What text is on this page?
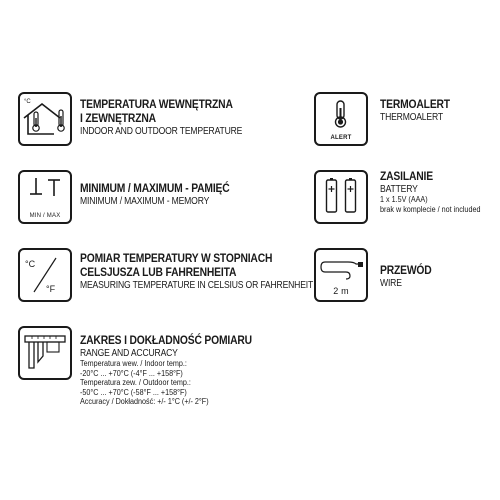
°C	TEMPERATURA WEWNĘTRZNA
I ZEWNĘTRZNA
INDOOR AND OUTDOOR TEMPERATURE
ALERT
TERMOALERT
THERMOALERT
MIN / MAX
MINIMUM / MAXIMUM - PAMIĘĆ
MINIMUM / MAXIMUM - MEMORY
ZASILANIE
BATTERY
1 x 1.5V (AAA)
brak w komplecie / not included
°C
°F
POMIAR TEMPERATURY W STOPNIACH
CELSJUSZA LUB FAHRENHEITA
MEASURING TEMPERATURE IN CELSIUS OR FAHRENHEIT
2 m
PRZEWÓD
WIRE
ZAKRES I DOKŁADNOŚĆ POMIARU
RANGE AND ACCURACY
Temperatura wew. / Indoor temp.:
-20°C ... +70°C (-4°F ... +158°F)
Temperatura zew. / Outdoor temp.:
-50°C ... +70°C (-58°F ... +158°F)
Accuracy / Dokładność: +/- 1°C (+/- 2°F)
